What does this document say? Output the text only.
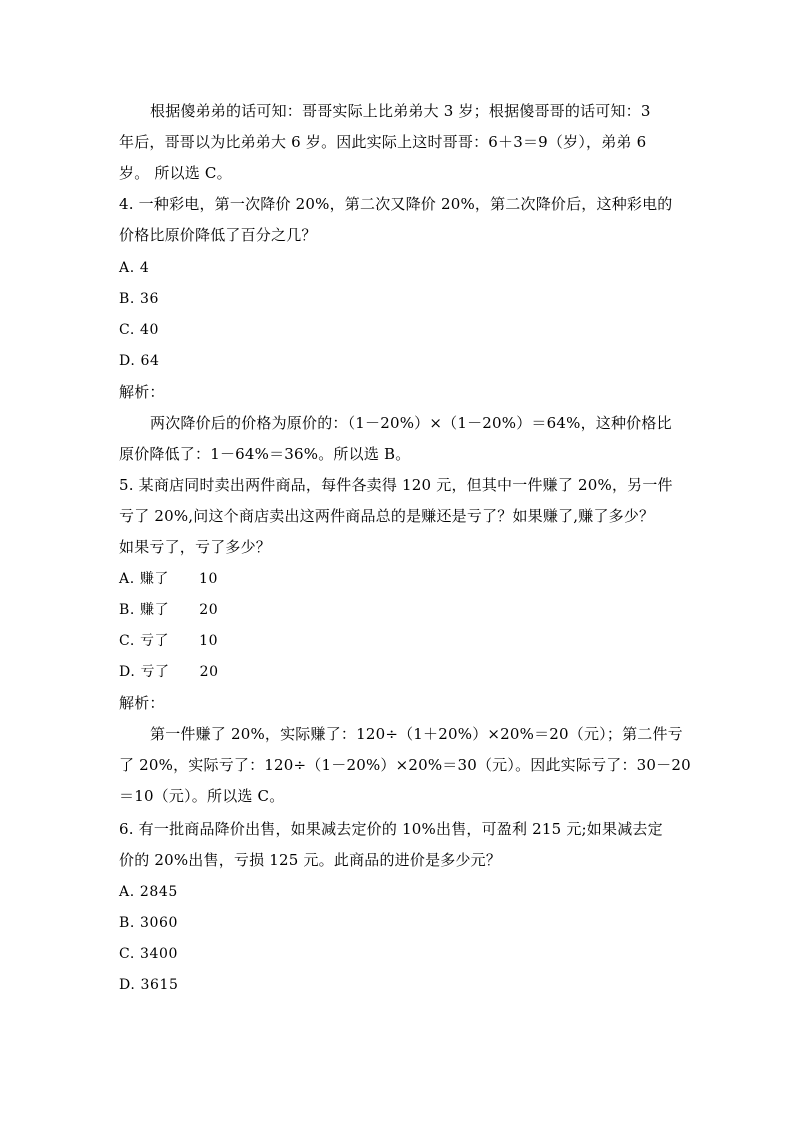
根据傻弟弟的话可知：哥哥实际上比弟弟大 3 岁；根据傻哥哥的话可知：3
年后，哥哥以为比弟弟大 6 岁。因此实际上这时哥哥：6＋3＝9（岁），弟弟 6
岁。 所以选 C。
4. 一种彩电，第一次降价 20%，第二次又降价 20%，第二次降价后，这种彩电的
价格比原价降低了百分之几？
A. 4
B. 36
C. 40
D. 64
解析：
两次降价后的价格为原价的：（1－20%）×（1－20%）＝64%，这种价格比
原价降低了：1－64%＝36%。所以选 B。
5. 某商店同时卖出两件商品，每件各卖得 120 元，但其中一件赚了 20%，另一件
亏了 20%,问这个商店卖出这两件商品总的是赚还是亏了？如果赚了,赚了多少？
如果亏了，亏了多少？
A. 赚了 10
B. 赚了 20
C. 亏了 10
D. 亏了 20
解析：
第一件赚了 20%，实际赚了：120÷（1＋20%）×20%＝20（元）；第二件亏
了 20%，实际亏了：120÷（1－20%）×20%＝30（元）。因此实际亏了：30－20
＝10（元）。所以选 C。
6. 有一批商品降价出售，如果减去定价的 10%出售，可盈利 215 元;如果减去定
价的 20%出售，亏损 125 元。此商品的进价是多少元？
A. 2845
B. 3060
C. 3400
D. 3615
